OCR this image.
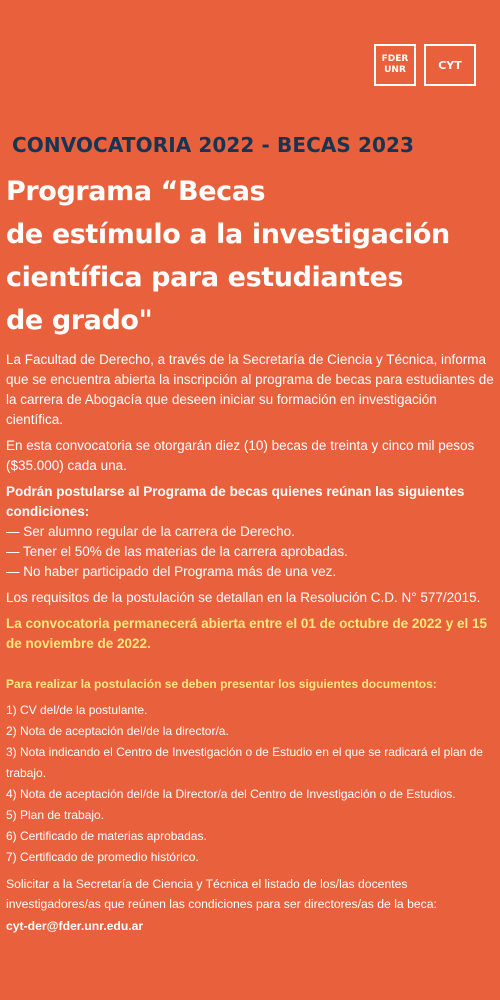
FDER
UNR	CYT
CONVOCATORIA 2022 - BECAS 2023
Programa “Becas
de estímulo a la investigación
científica para estudiantes
de grado"

La Facultad de Derecho, a través de la Secretaría de Ciencia y Técnica, informa que se encuentra abierta la inscripción al programa de becas para estudiantes de la carrera de Abogacía que deseen iniciar su formación en investigación científica.

En esta convocatoria se otorgarán diez (10) becas de treinta y cinco mil pesos ($35.000) cada una.

Podrán postularse al Programa de becas quienes reúnan las siguientes condiciones:

— Ser alumno regular de la carrera de Derecho.
— Tener el 50% de las materias de la carrera aprobadas.
— No haber participado del Programa más de una vez.

Los requisitos de la postulación se detallan en la Resolución C.D. N° 577/2015.

La convocatoria permanecerá abierta entre el 01 de octubre de 2022 y el 15 de noviembre de 2022.

Para realizar la postulación se deben presentar los siguientes documentos:

1) CV del/de la postulante.
2) Nota de aceptación del/de la director/a.
3) Nota indicando el Centro de Investigación o de Estudio en el que se radicará el plan de trabajo.
4) Nota de aceptación del/de la Director/a del Centro de Investigación o de Estudios.
5) Plan de trabajo.
6) Certificado de materias aprobadas.
7) Certificado de promedio histórico.

Solicitar a la Secretaría de Ciencia y Técnica el listado de los/las docentes investigadores/as que reúnen las condiciones para ser directores/as de la beca:

cyt-der@fder.unr.edu.ar
